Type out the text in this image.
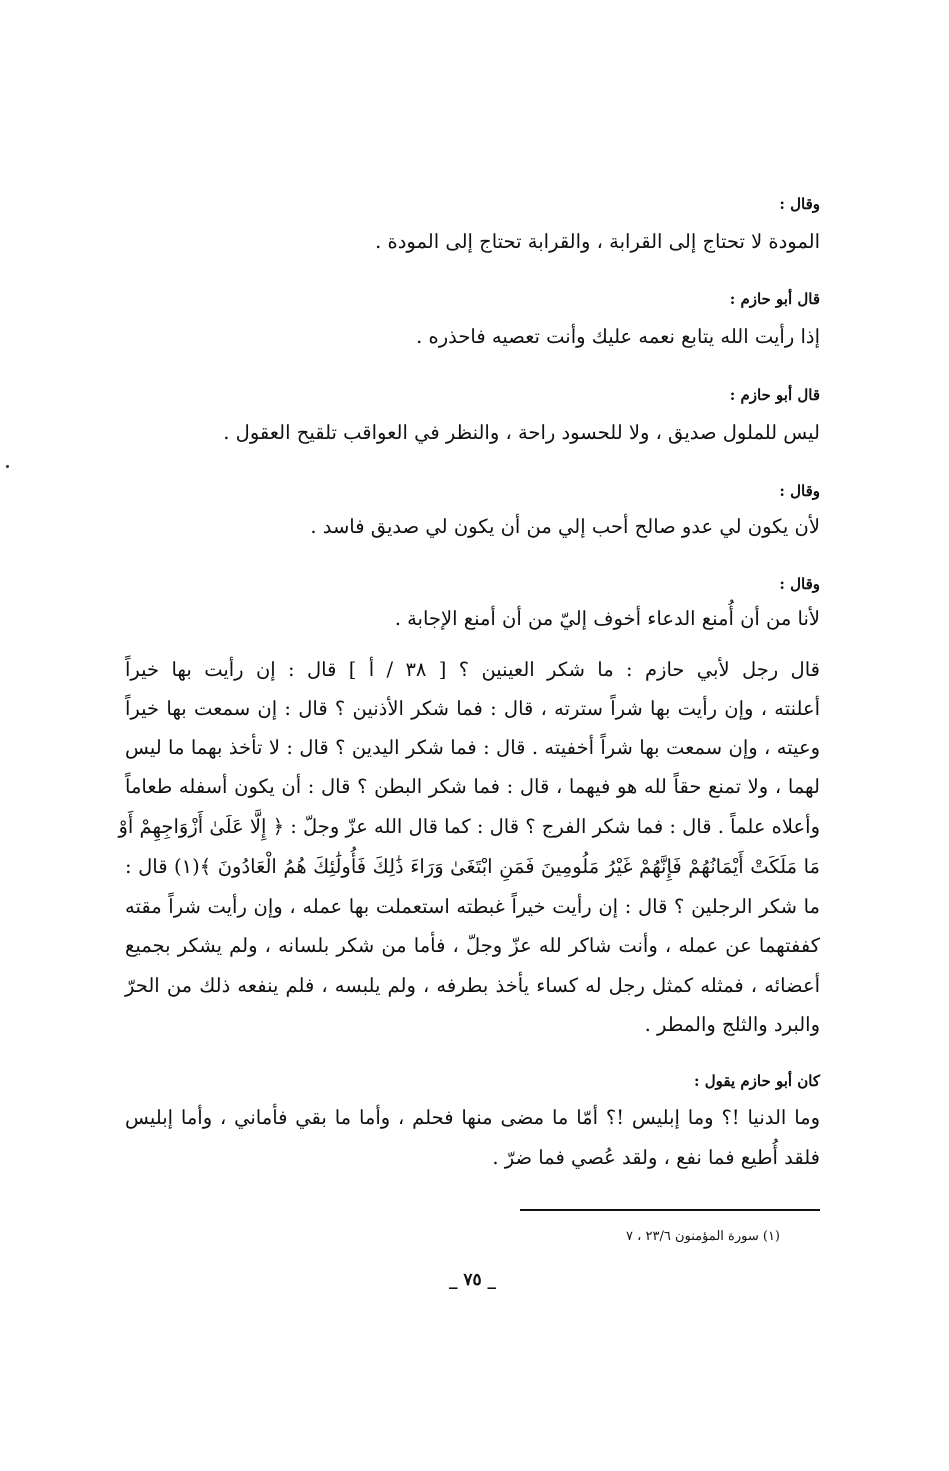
وقال :
المودة لا تحتاج إلى القرابة ، والقرابة تحتاج إلى المودة .
قال أبو حازم :
إذا رأيت الله يتابع نعمه عليك وأنت تعصيه فاحذره .
قال أبو حازم :
ليس للملول صديق ، ولا للحسود راحة ، والنظر في العواقب تلقيح العقول .
وقال :
لأن يكون لي عدو صالح أحب إلي من أن يكون لي صديق فاسد .
وقال :
لأنا من أن أُمنع الدعاء أخوف إليّ من أن أمنع الإجابة .
قال رجل لأبي حازم : ما شكر العينين ؟ [ ٣٨ / أ ] قال : إن رأيت بها خيراً
أعلنته ، وإن رأيت بها شراً سترته ، قال : فما شكر الأذنين ؟ قال : إن سمعت بها خيراً
وعيته ، وإن سمعت بها شراً أخفيته . قال : فما شكر اليدين ؟ قال : لا تأخذ بهما ما ليس
لهما ، ولا تمنع حقاً لله هو فيهما ، قال : فما شكر البطن ؟ قال : أن يكون أسفله طعاماً
وأعلاه علماً . قال : فما شكر الفرج ؟ قال : كما قال الله عزّ وجلّ : ﴿ إِلَّا عَلَىٰ أَزْوَاجِهِمْ أَوْ
مَا مَلَكَتْ أَيْمَانُهُمْ فَإِنَّهُمْ غَيْرُ مَلُومِينَ فَمَنِ ابْتَغَىٰ وَرَاءَ ذَٰلِكَ فَأُولَٰئِكَ هُمُ الْعَادُونَ ﴾(١) قال :
ما شكر الرجلين ؟ قال : إن رأيت خيراً غبطته استعملت بها عمله ، وإن رأيت شراً مقته
كففتهما عن عمله ، وأنت شاكر لله عزّ وجلّ ، فأما من شكر بلسانه ، ولم يشكر بجميع
أعضائه ، فمثله كمثل رجل له كساء يأخذ بطرفه ، ولم يلبسه ، فلم ينفعه ذلك من الحرّ
والبرد والثلج والمطر .
كان أبو حازم يقول :
وما الدنيا !؟ وما إبليس !؟ أمّا ما مضى منها فحلم ، وأما ما بقي فأماني ، وأما إبليس
فلقد أُطيع فما نفع ، ولقد عُصي فما ضرّ .
(١) سورة المؤمنون ٢٣/٦ ، ٧
_ ٧٥ _
